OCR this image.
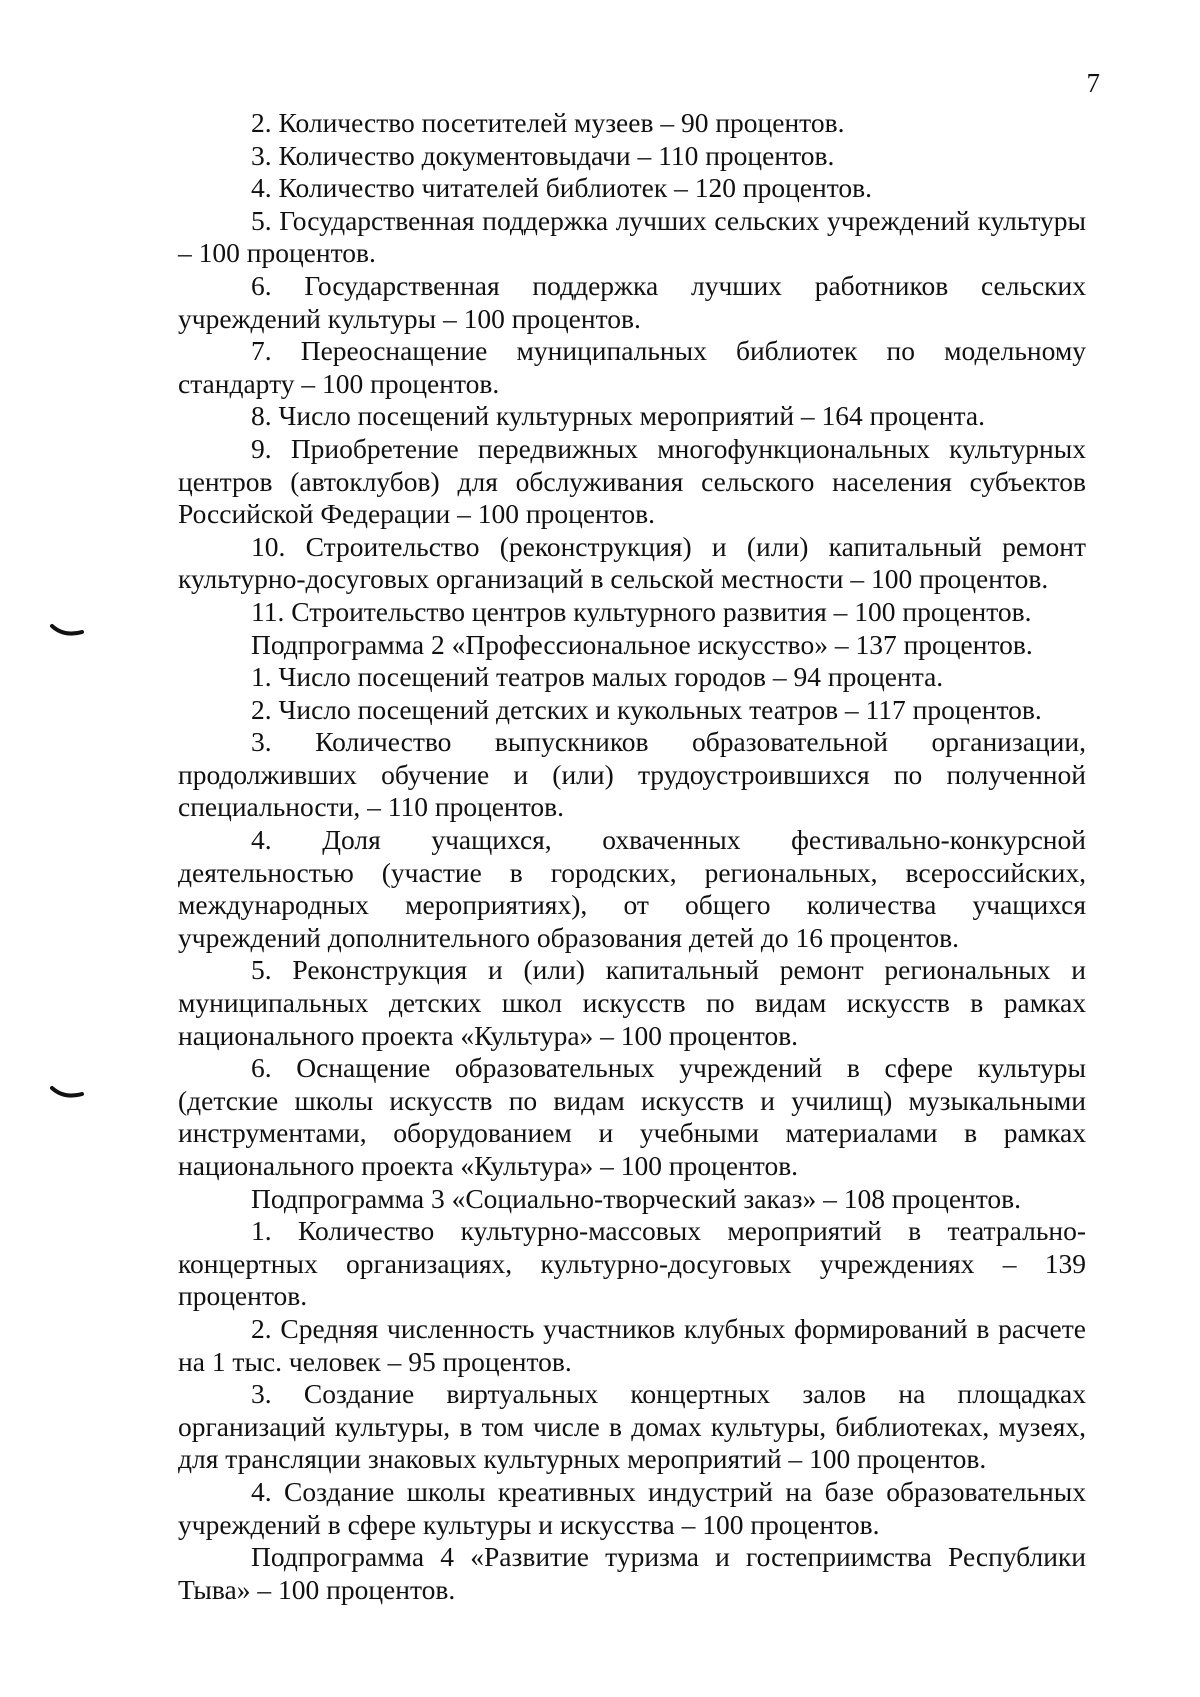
7

2. Количество посетителей музеев – 90 процентов.

3. Количество документовыдачи – 110 процентов.

4. Количество читателей библиотек – 120 процентов.

5. Государственная поддержка лучших сельских учреждений культуры – 100 процентов.

6. Государственная поддержка лучших работников сельских учреждений культуры – 100 процентов.

7. Переоснащение муниципальных библиотек по модельному стандарту – 100 процентов.

8. Число посещений культурных мероприятий – 164 процента.

9. Приобретение передвижных многофункциональных культурных центров (автоклубов) для обслуживания сельского населения субъектов Российской Федерации – 100 процентов.

10. Строительство (реконструкция) и (или) капитальный ремонт культурно-досуговых организаций в сельской местности – 100 процентов.

11. Строительство центров культурного развития – 100 процентов.

Подпрограмма 2 «Профессиональное искусство» – 137 процентов.

1. Число посещений театров малых городов – 94 процента.

2. Число посещений детских и кукольных театров – 117 процентов.

3. Количество выпускников образовательной организации, продолживших обучение и (или) трудоустроившихся по полученной специальности, – 110 процентов.

4. Доля учащихся, охваченных фестивально-конкурсной деятельностью (участие в городских, региональных, всероссийских, международных мероприятиях), от общего количества учащихся учреждений дополнительного образования детей до 16 процентов.

5. Реконструкция и (или) капитальный ремонт региональных и муниципальных детских школ искусств по видам искусств в рамках национального проекта «Культура» – 100 процентов.

6. Оснащение образовательных учреждений в сфере культуры (детские школы искусств по видам искусств и училищ) музыкальными инструментами, оборудованием и учебными материалами в рамках национального проекта «Культура» – 100 процентов.

Подпрограмма 3 «Социально-творческий заказ» – 108 процентов.

1. Количество культурно-массовых мероприятий в театрально-концертных организациях, культурно-досуговых учреждениях – 139 процентов.

2. Средняя численность участников клубных формирований в расчете на 1 тыс. человек – 95 процентов.

3. Создание виртуальных концертных залов на площадках организаций культуры, в том числе в домах культуры, библиотеках, музеях, для трансляции знаковых культурных мероприятий – 100 процентов.

4. Создание школы креативных индустрий на базе образовательных учреждений в сфере культуры и искусства – 100 процентов.

Подпрограмма 4 «Развитие туризма и гостеприимства Республики Тыва» – 100 процентов.
